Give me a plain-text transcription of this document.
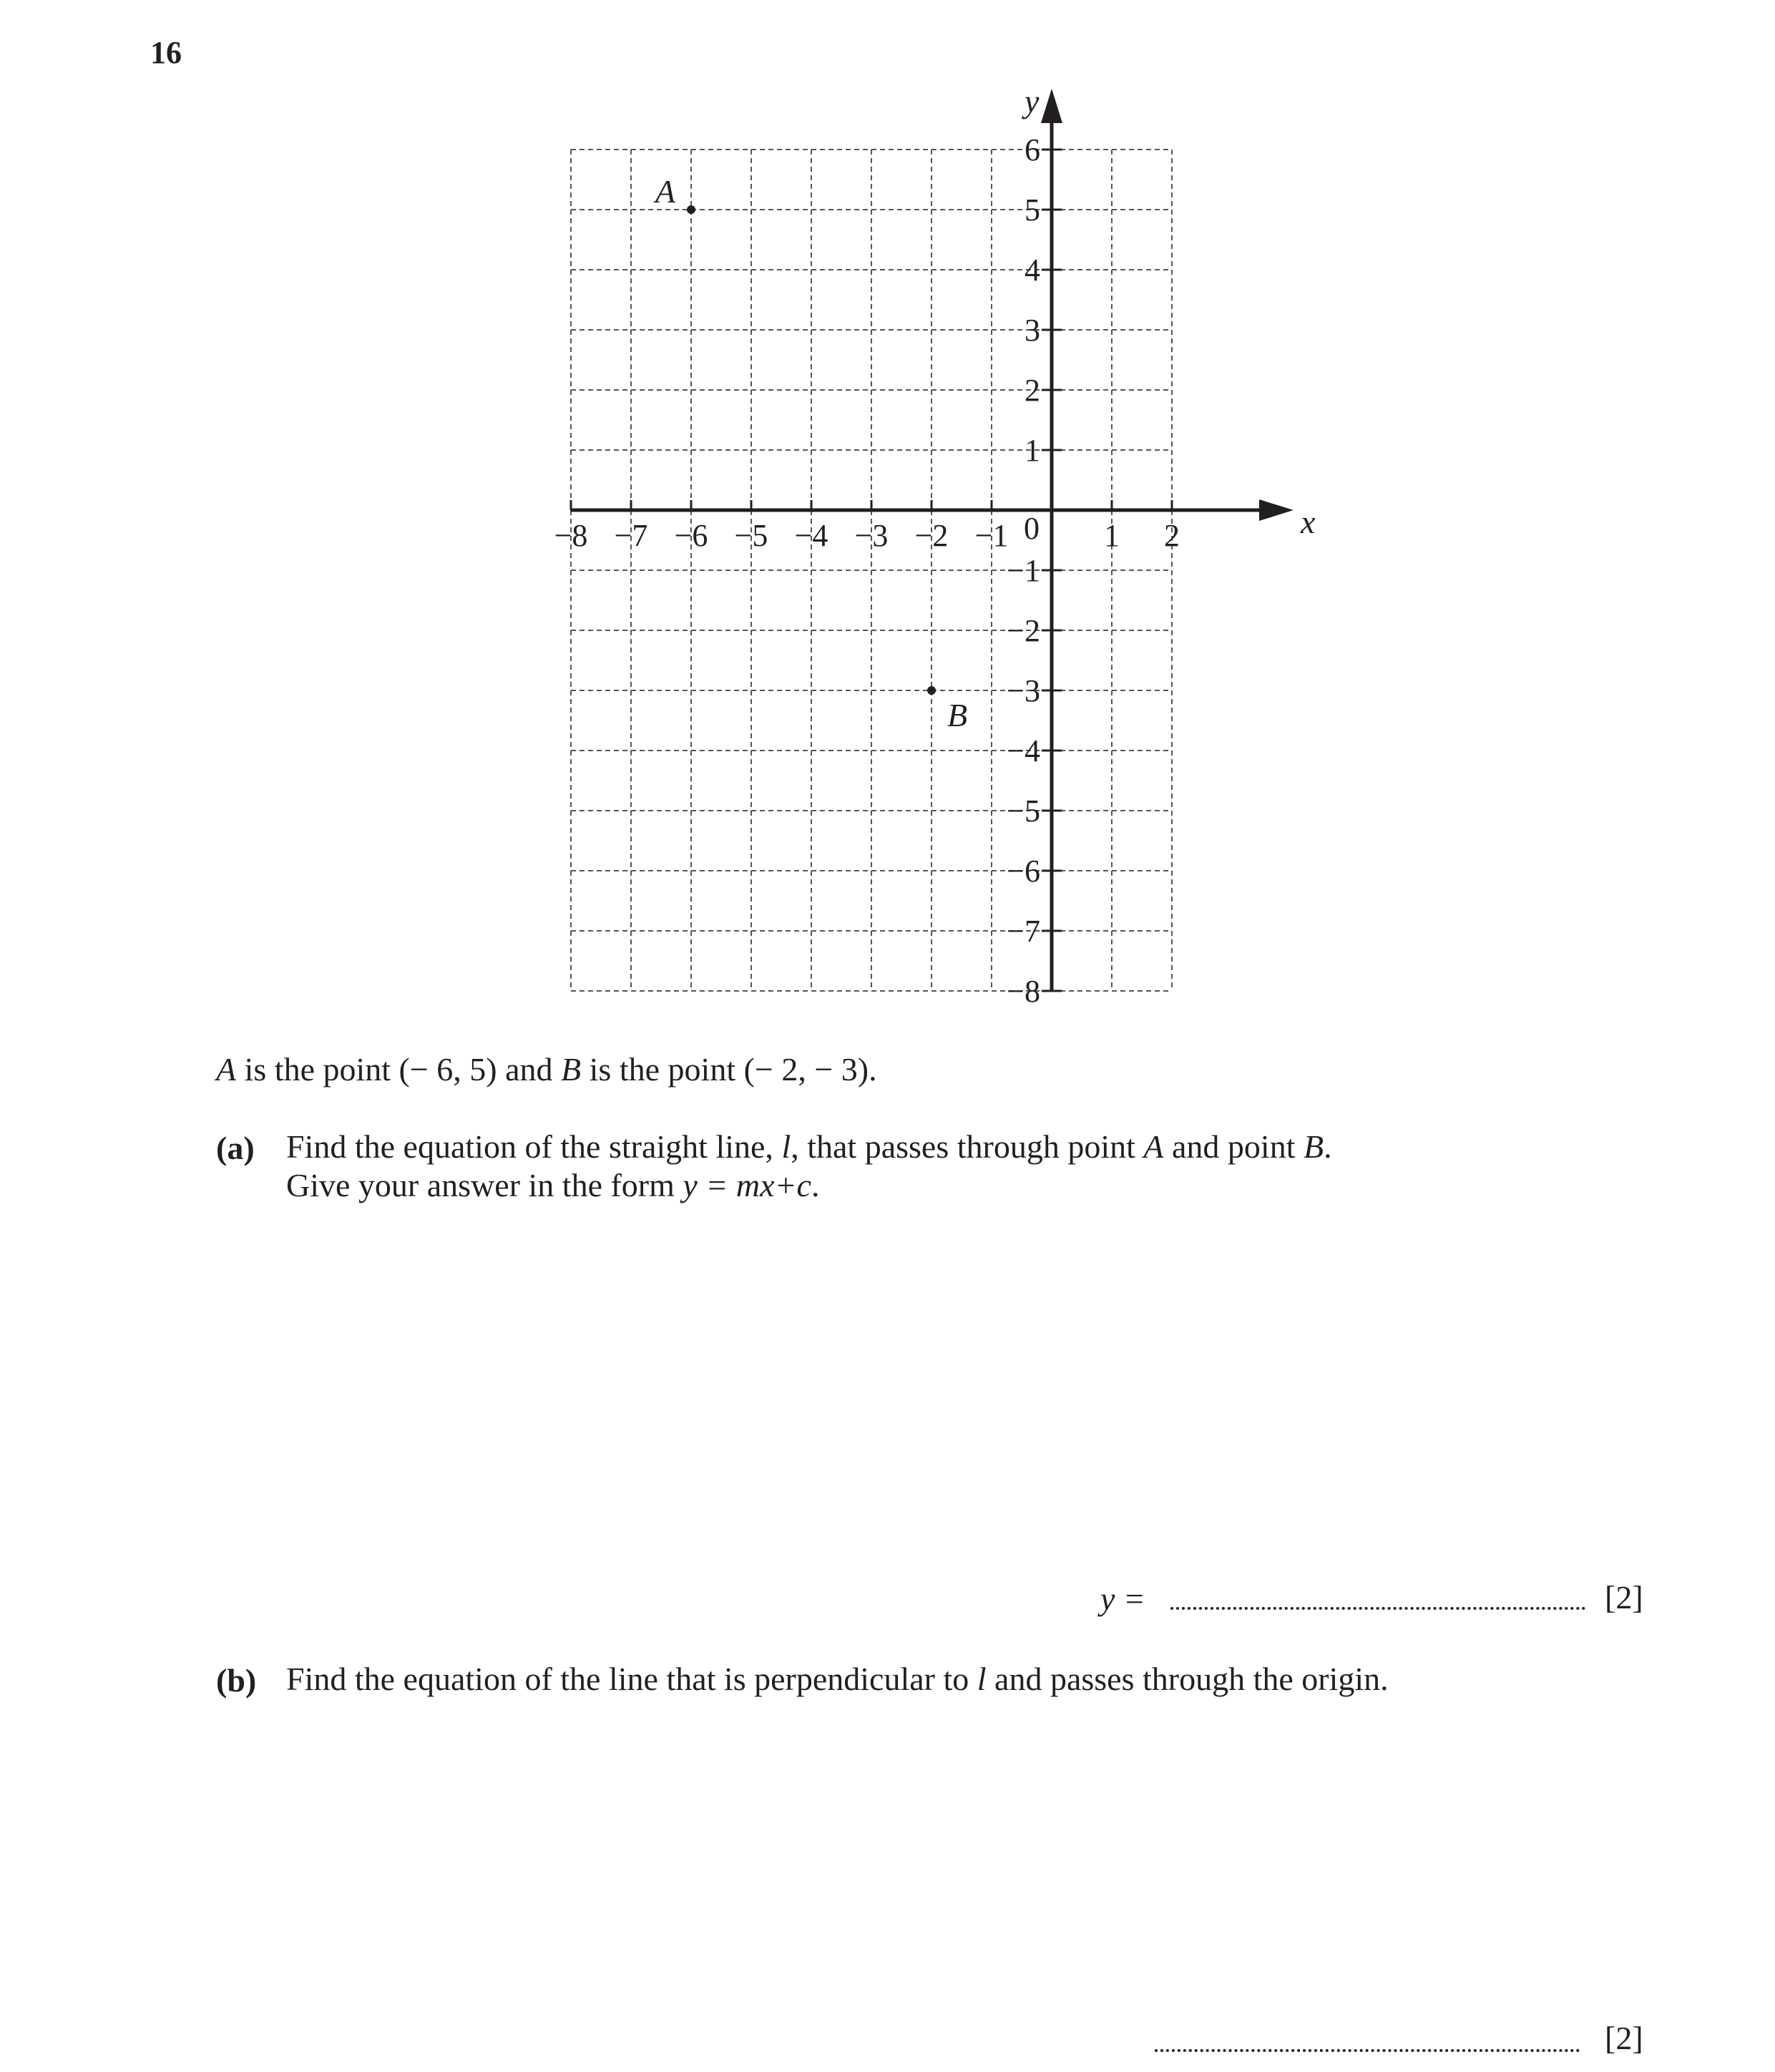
16
−8 −7 −6 −5 −4 −3 −2 −1	1 2
6
5
4
3
2
1
−1
−2
−3
−4
−5
−6
−7
−8
A
B
x
y
0
A is the point (− 6, 5) and B is the point (− 2, − 3).
(a) Find the equation of the straight line, l, that passes through point A and point B.
Give your answer in the form y = mx+c.
y =	[2]
(b) Find the equation of the line that is perpendicular to l and passes through the origin.
[2]
